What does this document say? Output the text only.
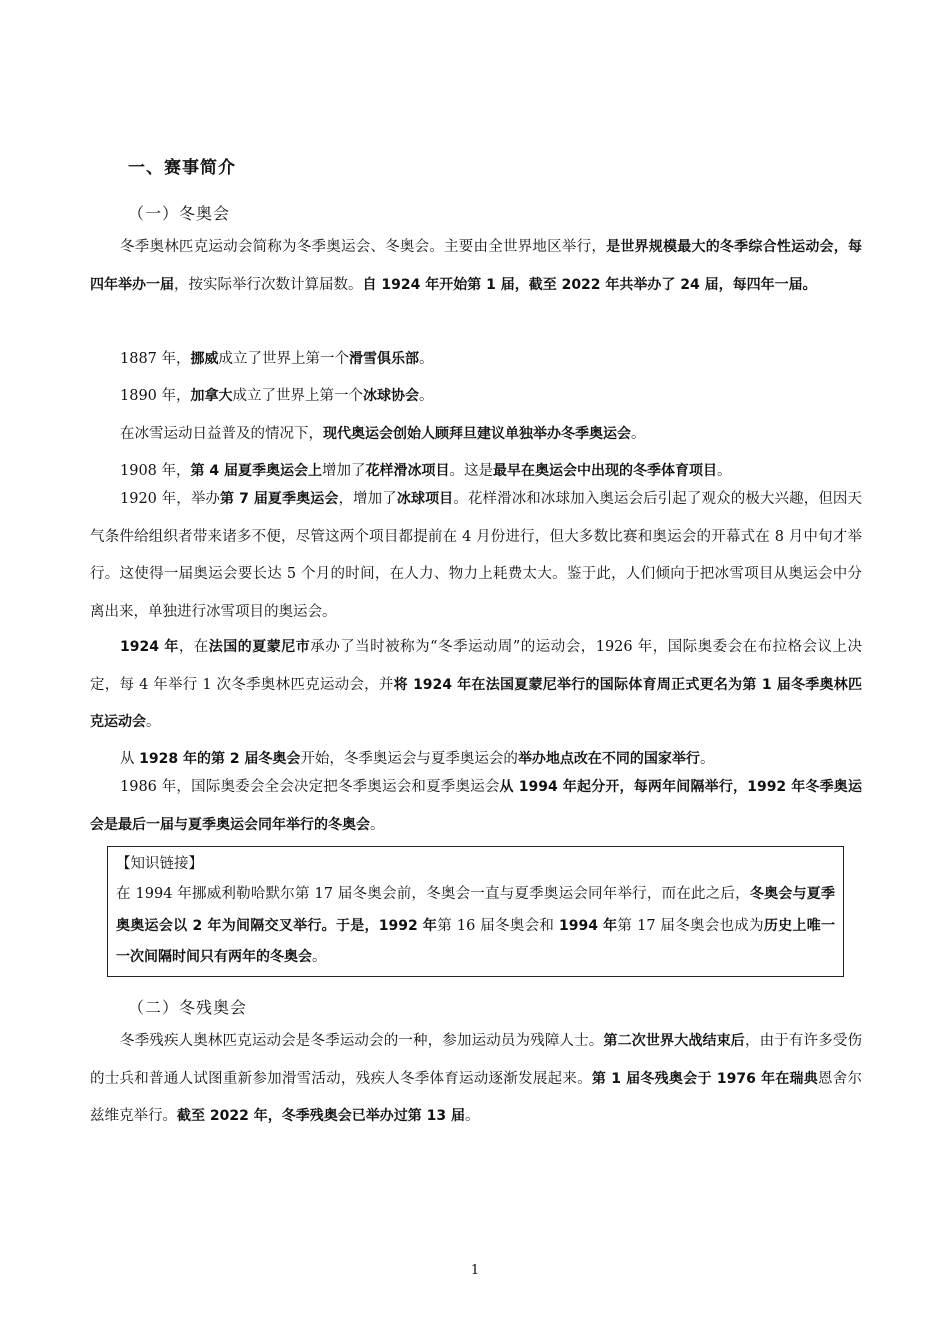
一、赛事简介
（一）冬奥会

冬季奥林匹克运动会简称为冬季奥运会、冬奥会。主要由全世界地区举行，是世界规模最大的冬季综合性运动会，每四年举办一届，按实际举行次数计算届数。自 1924 年开始第 1 届，截至 2022 年共举办了 24 届，每四年一届。

1887 年，挪威成立了世界上第一个滑雪俱乐部。

1890 年，加拿大成立了世界上第一个冰球协会。

在冰雪运动日益普及的情况下，现代奥运会创始人顾拜旦建议单独举办冬季奥运会。

1908 年，第 4 届夏季奥运会上增加了花样滑冰项目。这是最早在奥运会中出现的冬季体育项目。

1920 年，举办第 7 届夏季奥运会，增加了冰球项目。花样滑冰和冰球加入奥运会后引起了观众的极大兴趣，但因天气条件给组织者带来诸多不便，尽管这两个项目都提前在 4 月份进行，但大多数比赛和奥运会的开幕式在 8 月中旬才举行。这使得一届奥运会要长达 5 个月的时间，在人力、物力上耗费太大。鉴于此，人们倾向于把冰雪项目从奥运会中分离出来，单独进行冰雪项目的奥运会。

1924 年，在法国的夏蒙尼市承办了当时被称为“冬季运动周”的运动会，1926 年，国际奥委会在布拉格会议上决定，每 4 年举行 1 次冬季奥林匹克运动会，并将 1924 年在法国夏蒙尼举行的国际体育周正式更名为第 1 届冬季奥林匹克运动会。

从 1928 年的第 2 届冬奥会开始，冬季奥运会与夏季奥运会的举办地点改在不同的国家举行。

1986 年，国际奥委会全会决定把冬季奥运会和夏季奥运会从 1994 年起分开，每两年间隔举行，1992 年冬季奥运会是最后一届与夏季奥运会同年举行的冬奥会。

【知识链接】

在 1994 年挪威利勒哈默尔第 17 届冬奥会前，冬奥会一直与夏季奥运会同年举行，而在此之后，冬奥会与夏季奥奥运会以 2 年为间隔交叉举行。于是，1992 年第 16 届冬奥会和 1994 年第 17 届冬奥会也成为历史上唯一一次间隔时间只有两年的冬奥会。

（二）冬残奥会

冬季残疾人奥林匹克运动会是冬季运动会的一种，参加运动员为残障人士。第二次世界大战结束后，由于有许多受伤的士兵和普通人试图重新参加滑雪活动，残疾人冬季体育运动逐渐发展起来。第 1 届冬残奥会于 1976 年在瑞典恩舍尔兹维克举行。截至 2022 年，冬季残奥会已举办过第 13 届。

1
